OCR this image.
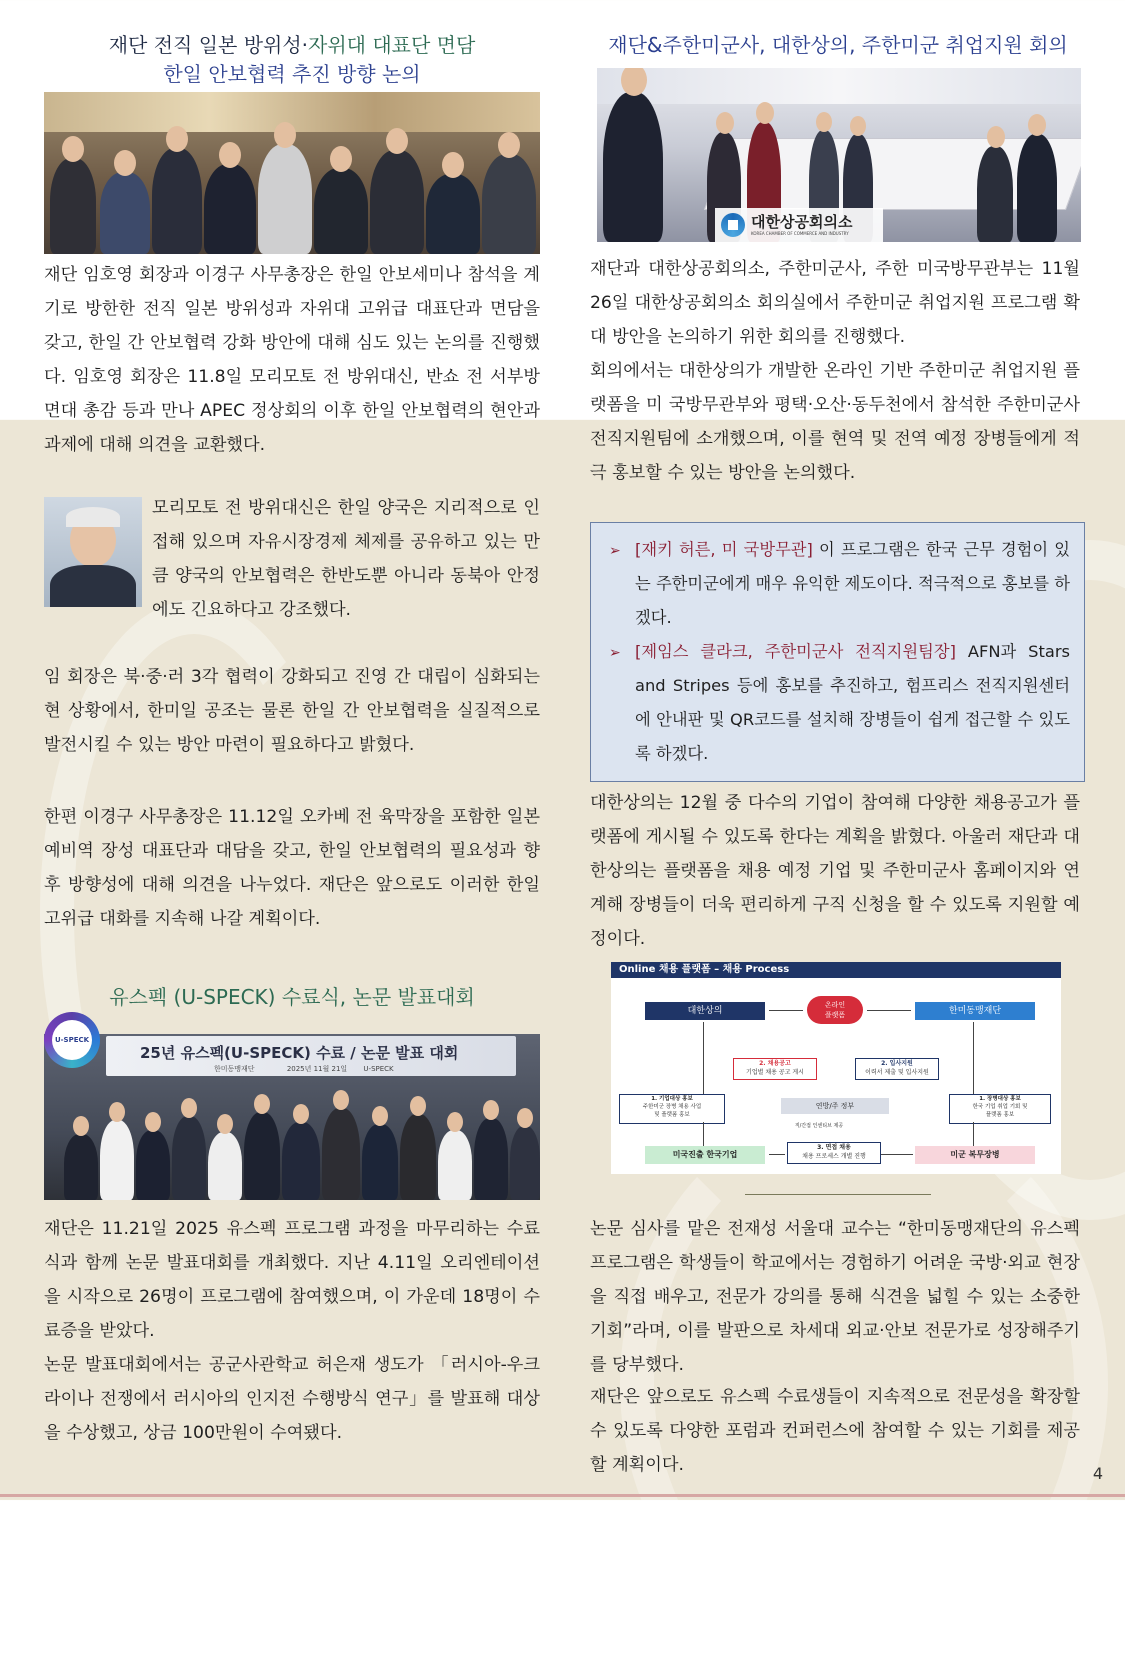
재단 전직 일본 방위성·자위대 대표단 면담

한일 안보협력 추진 방향 논의

재단 임호영 회장과 이경구 사무총장은 한일 안보세미나 참석을 계기로 방한한 전직 일본 방위성과 자위대 고위급 대표단과 면담을 갖고, 한일 간 안보협력 강화 방안에 대해 심도 있는 논의를 진행했다. 임호영 회장은 11.8일 모리모토 전 방위대신, 반쇼 전 서부방면대 총감 등과 만나 APEC 정상회의 이후 한일 안보협력의 현안과 과제에 대해 의견을 교환했다.

모리모토 전 방위대신은 한일 양국은 지리적으로 인접해 있으며 자유시장경제 체제를 공유하고 있는 만큼 양국의 안보협력은 한반도뿐 아니라 동북아 안정에도 긴요하다고 강조했다.

임 회장은 북·중·러 3각 협력이 강화되고 진영 간 대립이 심화되는 현 상황에서, 한미일 공조는 물론 한일 간 안보협력을 실질적으로 발전시킬 수 있는 방안 마련이 필요하다고 밝혔다.

한편 이경구 사무총장은 11.12일 오카베 전 육막장을 포함한 일본 예비역 장성 대표단과 대담을 갖고, 한일 안보협력의 필요성과 향후 방향성에 대해 의견을 나누었다. 재단은 앞으로도 이러한 한일 고위급 대화를 지속해 나갈 계획이다.

유스펙 (U-SPECK) 수료식, 논문 발표대회

25년 유스펙(U-SPECK) 수료 / 논문 발표 대회
한미동맹재단	2025년 11월 21일 U-SPECK
U-SPECK

재단은 11.21일 2025 유스펙 프로그램 과정을 마무리하는 수료식과 함께 논문 발표대회를 개최했다. 지난 4.11일 오리엔테이션을 시작으로 26명이 프로그램에 참여했으며, 이 가운데 18명이 수료증을 받았다.

논문 발표대회에서는 공군사관학교 허은재 생도가 「러시아-우크라이나 전쟁에서 러시아의 인지전 수행방식 연구」를 발표해 대상을 수상했고, 상금 100만원이 수여됐다.

재단&주한미군사, 대한상의, 주한미군 취업지원 회의

대한상공회의소
KOREA CHAMBER OF COMMERCE AND INDUSTRY

재단과 대한상공회의소, 주한미군사, 주한 미국방무관부는 11월 26일 대한상공회의소 회의실에서 주한미군 취업지원 프로그램 확대 방안을 논의하기 위한 회의를 진행했다.

회의에서는 대한상의가 개발한 온라인 기반 주한미군 취업지원 플랫폼을 미 국방무관부와 평택·오산·동두천에서 참석한 주한미군사 전직지원팀에 소개했으며, 이를 현역 및 전역 예정 장병들에게 적극 홍보할 수 있는 방안을 논의했다.

➢ [재키 허른, 미 국방무관] 이 프로그램은 한국 근무 경험이 있는 주한미군에게 매우 유익한 제도이다. 적극적으로 홍보를 하겠다.
➢ [제임스 클라크, 주한미군사 전직지원팀장] AFN과 Stars and Stripes 등에 홍보를 추진하고, 험프리스 전직지원센터에 안내판 및 QR코드를 설치해 장병들이 쉽게 접근할 수 있도록 하겠다.

대한상의는 12월 중 다수의 기업이 참여해 다양한 채용공고가 플랫폼에 게시될 수 있도록 한다는 계획을 밝혔다. 아울러 재단과 대한상의는 플랫폼을 채용 예정 기업 및 주한미군사 홈페이지와 연계해 장병들이 더욱 편리하게 구직 신청을 할 수 있도록 지원할 예정이다.

Online 채용 플랫폼 – 채용 Process
대한상의
온라인
플랫폼	한미동맹재단
2. 채용공고
기업별 채용 공고 게시
2. 입사지원
이력서 제출 및 입사지원
1. 기업대상 홍보
주한미군 장병 채용 사업
및 플랫폼 홍보
연방/주 정부
직/간접 인센티브 제공
1. 장병대상 홍보
한국 기업 취업 기회 및
플랫폼 홍보
3. 면접 채용
채용 프로세스 개별 진행
미국진출 한국기업	미군 복무장병

논문 심사를 맡은 전재성 서울대 교수는 “한미동맹재단의 유스펙 프로그램은 학생들이 학교에서는 경험하기 어려운 국방·외교 현장을 직접 배우고, 전문가 강의를 통해 식견을 넓힐 수 있는 소중한 기회”라며, 이를 발판으로 차세대 외교·안보 전문가로 성장해주기를 당부했다.

재단은 앞으로도 유스펙 수료생들이 지속적으로 전문성을 확장할 수 있도록 다양한 포럼과 컨퍼런스에 참여할 수 있는 기회를 제공할 계획이다.	4
